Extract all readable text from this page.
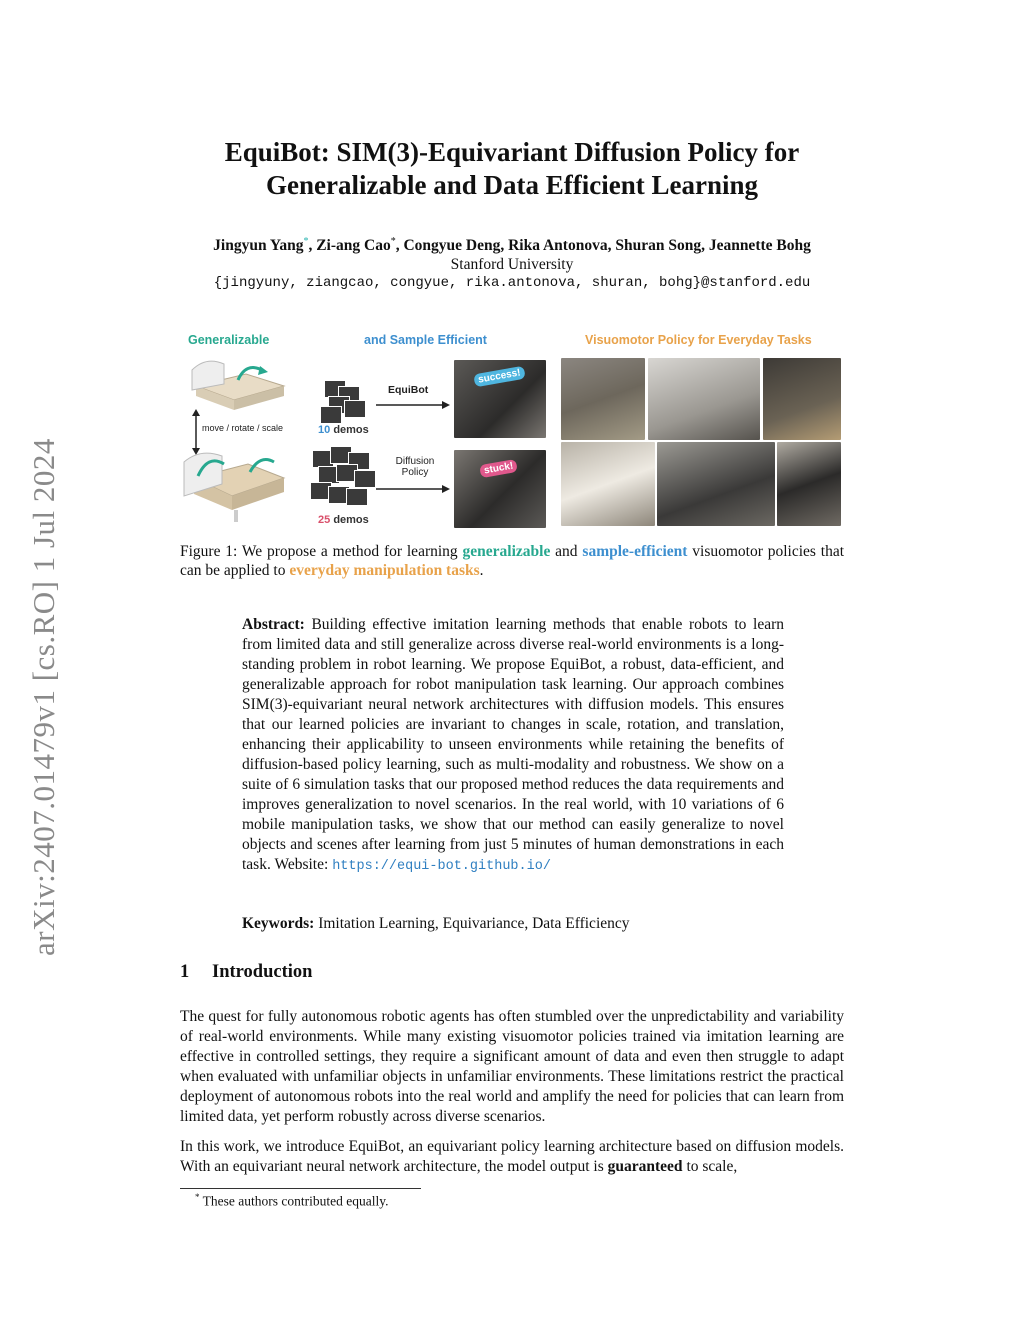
arXiv:2407.01479v1 [cs.RO] 1 Jul 2024
EquiBot: SIM(3)-Equivariant Diffusion Policy for
Generalizable and Data Efficient Learning
Jingyun Yang*, Zi-ang Cao*, Congyue Deng, Rika Antonova, Shuran Song, Jeannette Bohg
Stanford University
{jingyuny, ziangcao, congyue, rika.antonova, shuran, bohg}@stanford.edu
Generalizable	and Sample Efficient	Visuomotor Policy for Everyday Tasks
move / rotate / scale	10 demos
25 demos
EquiBot
Diffusion Policy
success!
stuck!
Figure 1: We propose a method for learning generalizable and sample-efficient visuomotor policies that can be applied to everyday manipulation tasks.
Abstract: Building effective imitation learning methods that enable robots to learn from limited data and still generalize across diverse real-world environments is a long-standing problem in robot learning. We propose EquiBot, a robust, data-efficient, and generalizable approach for robot manipulation task learning. Our approach combines SIM(3)-equivariant neural network architectures with diffusion models. This ensures that our learned policies are invariant to changes in scale, rotation, and translation, enhancing their applicability to unseen environments while retaining the benefits of diffusion-based policy learning, such as multi-modality and robustness. We show on a suite of 6 simulation tasks that our proposed method reduces the data requirements and improves generalization to novel scenarios. In the real world, with 10 variations of 6 mobile manipulation tasks, we show that our method can easily generalize to novel objects and scenes after learning from just 5 minutes of human demonstrations in each task. Website: https://equi-bot.github.io/
Keywords: Imitation Learning, Equivariance, Data Efficiency
1 Introduction
The quest for fully autonomous robotic agents has often stumbled over the unpredictability and variability of real-world environments. While many existing visuomotor policies trained via imitation learning are effective in controlled settings, they require a significant amount of data and even then struggle to adapt when evaluated with unfamiliar objects in unfamiliar environments. These limitations restrict the practical deployment of autonomous robots into the real world and amplify the need for policies that can learn from limited data, yet perform robustly across diverse scenarios.
In this work, we introduce EquiBot, an equivariant policy learning architecture based on diffusion models. With an equivariant neural network architecture, the model output is guaranteed to scale,
* These authors contributed equally.
